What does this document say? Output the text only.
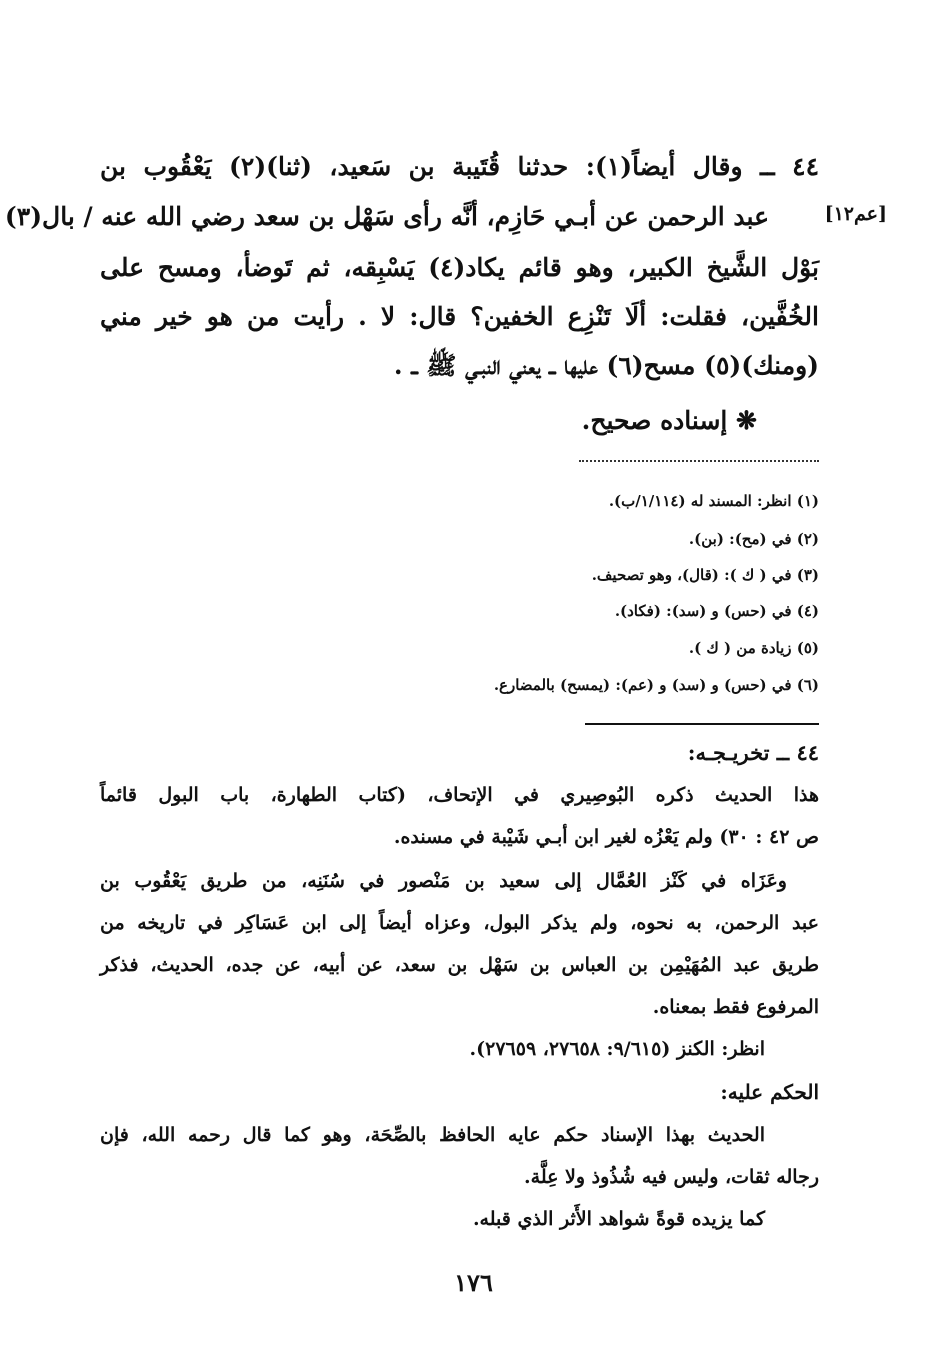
٤٤ ــ وقال أيضاً(١): حدثنا قُتَيبة بن سَعيد، (ثنا)(٢) يَعْقُوب بن
[عم١٢]
عبد الرحمن عن أبـي حَازِم، أنَّه رأى سَهْل بن سعد رضي الله عنه / بال(٣)
بَوْل الشَّيخ الكبير، وهو قائم يكاد(٤) يَسْبِقه، ثم تَوضأ، ومسح على
الخُفَّين، فقلت: ألَا تَنْزِع الخفين؟ قال: لا . رأيت من هو خير مني
(ومنك)(٥) مسح(٦) عليها ــ يعني النبـي ﷺ ــ .
❋ إسناده صحيح.
(١) انظر: المسند له (١/١١٤/ب).
(٢) في (مح): (بن).
(٣) في ( ك ): (قال)، وهو تصحيف.
(٤) في (حس) و (سد): (فكاد).
(٥) زيادة من ( ك ).
(٦) في (حس) و (سد) و (عم): (يمسح) بالمضارع.
٤٤ ــ تخريـجـه:
هذا الحديث ذكره البُوصِيري في الإتحاف، (كتاب الطهارة، باب البول قائماً
ص ٤٢ : ٣٠) ولم يَعْزُه لغير ابن أبـي شَيْبة في مسنده.
وعَزَاه في كَنْز العُمَّال إلى سعيد بن مَنْصور في سُنَنِه، من طريق يَعْقُوب بن
عبد الرحمن، به نحوه، ولم يذكر البول، وعزاه أيضاً إلى ابن عَسَاكِر في تاريخه من
طريق عبد المُهَيْمِن بن العباس بن سَهْل بن سعد، عن أبيه، عن جده، الحديث، فذكر
المرفوع فقط بمعناه.
انظر: الكنز (٩/٦١٥: ٢٧٦٥٨، ٢٧٦٥٩).
الحكم عليه:
الحديث بهذا الإسناد حكم عايه الحافظ بالصِّحَة، وهو كما قال رحمه الله، فإن
رجاله ثقات، وليس فيه شُذُوذ ولا عِلَّة.
كما يزيده قوةً شواهد الأَثر الذي قبله.
١٧٦
